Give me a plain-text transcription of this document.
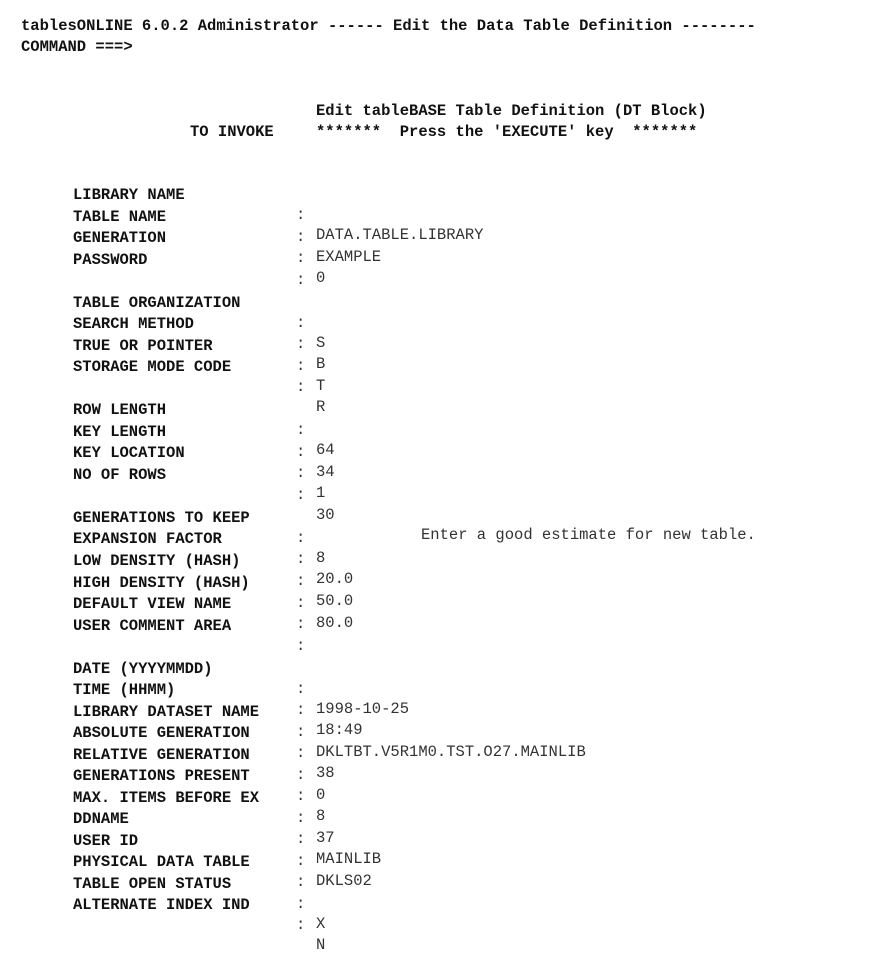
tablesONLINE 6.0.2 Administrator ------ Edit the Data Table Definition --------
COMMAND ===>
Edit tableBASE Table Definition (DT Block)
TO INVOKE	*******  Press the 'EXECUTE' key  *******

LIBRARY NAME

:

DATA.TABLE.LIBRARY

TABLE NAME

:

EXAMPLE

GENERATION

:

0

PASSWORD

:

TABLE ORGANIZATION

:

S

SEARCH METHOD

:

B

TRUE OR POINTER

:

T

STORAGE MODE CODE

:

R

ROW LENGTH

:

64

KEY LENGTH

:

34

KEY LOCATION

:

1

NO OF ROWS

:

30

Enter a good estimate for new table.

GENERATIONS TO KEEP

:

8

EXPANSION FACTOR

:

20.0

LOW DENSITY (HASH)

:

50.0

HIGH DENSITY (HASH)

:

80.0

DEFAULT VIEW NAME

:

USER COMMENT AREA

:

DATE (YYYYMMDD)

:

1998-10-25

TIME (HHMM)

:

18:49

LIBRARY DATASET NAME

:

DKLTBT.V5R1M0.TST.O27.MAINLIB

ABSOLUTE GENERATION

:

38

RELATIVE GENERATION

:

0

GENERATIONS PRESENT

:

8

MAX. ITEMS BEFORE EX

:

37

DDNAME

:

MAINLIB

USER ID

:

DKLS02

PHYSICAL DATA TABLE

:

TABLE OPEN STATUS

:

X

ALTERNATE INDEX IND

:

N
